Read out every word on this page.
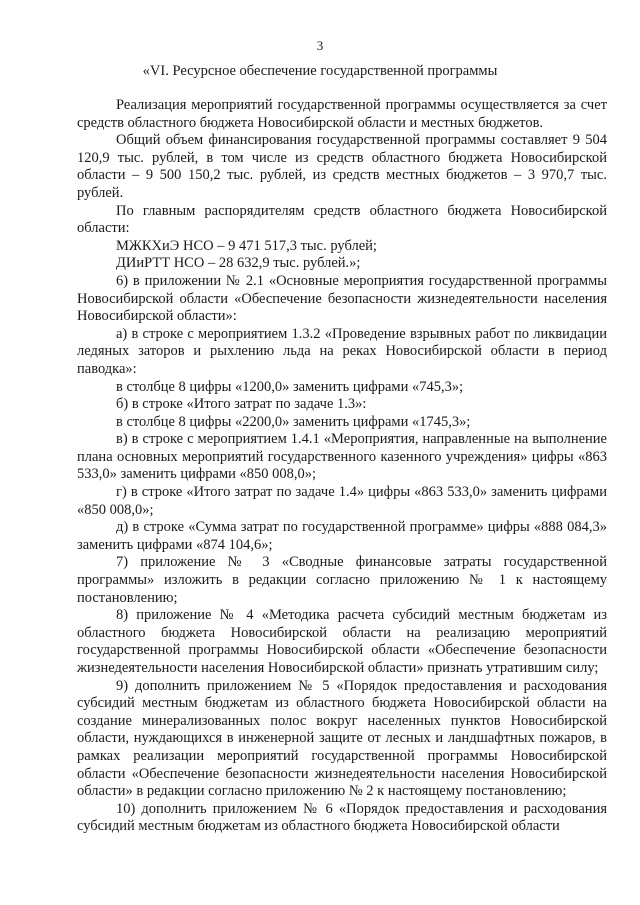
3
«VI. Ресурсное обеспечение государственной программы

Реализация мероприятий государственной программы осуществляется за счет средств областного бюджета Новосибирской области и местных бюджетов.

Общий объем финансирования государственной программы составляет 9 504 120,9 тыс. рублей, в том числе из средств областного бюджета Новосибирской области – 9 500 150,2 тыс. рублей, из средств местных бюджетов – 3 970,7 тыс. рублей.

По главным распорядителям средств областного бюджета Новосибирской области:

МЖКХиЭ НСО – 9 471 517,3 тыс. рублей;

ДИиРТТ НСО – 28 632,9 тыс. рублей.»;

6) в приложении № 2.1 «Основные мероприятия государственной программы Новосибирской области «Обеспечение безопасности жизнедеятельности населения Новосибирской области»:

а) в строке с мероприятием 1.3.2 «Проведение взрывных работ по ликвидации ледяных заторов и рыхлению льда на реках Новосибирской области в период паводка»:

в столбце 8 цифры «1200,0» заменить цифрами «745,3»;

б) в строке «Итого затрат по задаче 1.3»:

в столбце 8 цифры «2200,0» заменить цифрами «1745,3»;

в) в строке с мероприятием 1.4.1 «Мероприятия, направленные на выполнение плана основных мероприятий государственного казенного учреждения» цифры «863 533,0» заменить цифрами «850 008,0»;

г) в строке «Итого затрат по задаче 1.4» цифры «863 533,0» заменить цифрами «850 008,0»;

д) в строке «Сумма затрат по государственной программе» цифры «888 084,3» заменить цифрами «874 104,6»;

7) приложение № 3 «Сводные финансовые затраты государственной программы» изложить в редакции согласно приложению № 1 к настоящему постановлению;

8) приложение № 4 «Методика расчета субсидий местным бюджетам из областного бюджета Новосибирской области на реализацию мероприятий государственной программы Новосибирской области «Обеспечение безопасности жизнедеятельности населения Новосибирской области» признать утратившим силу;

9) дополнить приложением № 5 «Порядок предоставления и расходования субсидий местным бюджетам из областного бюджета Новосибирской области на создание минерализованных полос вокруг населенных пунктов Новосибирской области, нуждающихся в инженерной защите от лесных и ландшафтных пожаров, в рамках реализации мероприятий государственной программы Новосибирской области «Обеспечение безопасности жизнедеятельности населения Новосибирской области» в редакции согласно приложению № 2 к настоящему постановлению;

10) дополнить приложением № 6 «Порядок предоставления и расходования субсидий местным бюджетам из областного бюджета Новосибирской области
